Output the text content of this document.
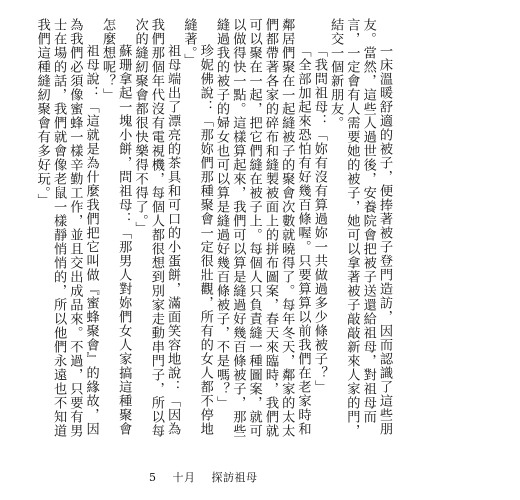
一床溫暖舒適的被子，便捧著被子登門造訪，因而認識了這些朋友。當然，這些人過世後，安養院會把被子送還給祖母，對祖母而言，一定會有人需要她的被子，她可以拿著被子敲敲新來人家的門，結交一個新朋友。

「我問祖母：「妳有沒有算過妳一共做過多少條被子？」

「全部加起來恐怕有好幾百條喔。只要算算以前我們在老家時和鄰居們聚在一起縫被子的聚會次數就曉得了。每年冬天，鄰家的太太們都帶著各家的碎布和縫製被面上的拼布圖案，春天來臨時，我們就可以聚在一起，把它們縫在被子上。每個人只負責縫一種圖案，就可以做得快一點。這樣算起來，我們可以算是縫過好幾百條被子，那些縫過我的被子的婦女也可以算是縫過好幾百條被子，不是嗎？」

珍妮佛說：「那妳們那種聚會一定很壯觀，所有的女人都不停地縫著。」

祖母端出了漂亮的茶具和可口的小蛋餅，滿面笑容地說：「因為我們那個年代沒有電視機，每個人都很想到別家走動串門子，所以每次的縫紉聚會都很快樂得不得了。」

蘇珊拿起一塊小餅，問祖母：「那男人對妳們女人家搞這種聚會怎麼想呢？」

祖母說：「這就是為什麼我們把它叫做『蜜蜂聚會』的緣故，因為我們必須像蜜蜂一樣辛勤工作，並且交出成品來。不過，只要有男士在場的話，我們就會像老鼠一樣靜悄悄的，所以他們永遠也不知道我們這種縫紉聚會有多好玩。」

5 十月 探訪祖母
